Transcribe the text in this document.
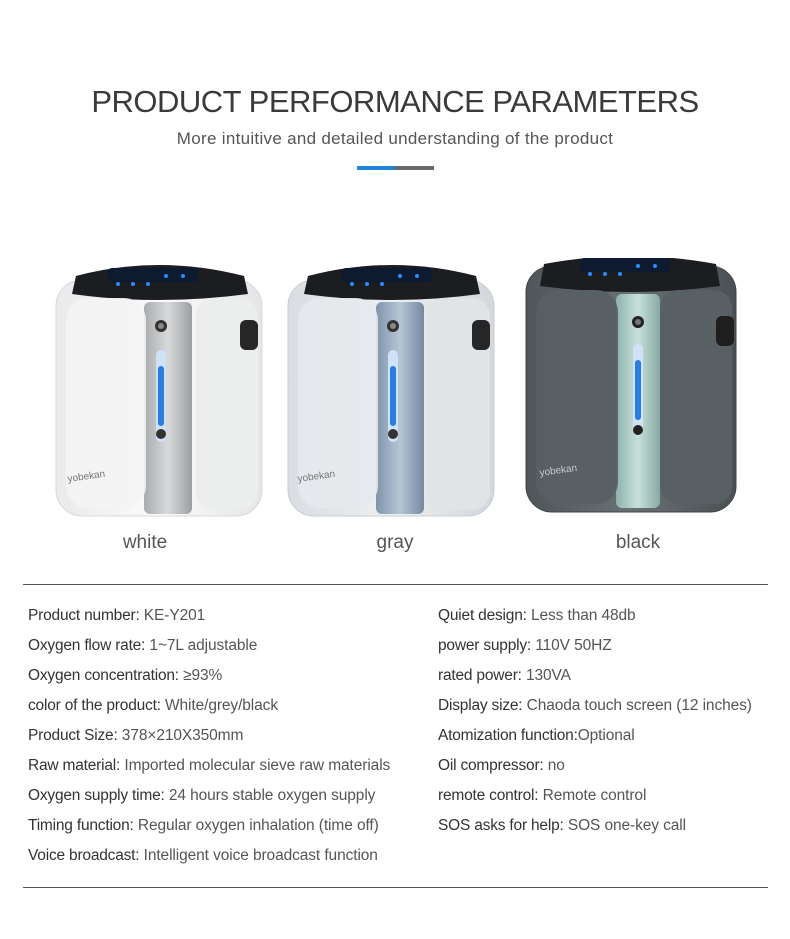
PRODUCT PERFORMANCE PARAMETERS

More intuitive and detailed understanding of the product

yobekan	yobekan	yobekan
white	gray	black
Product number: KE-Y201
Oxygen flow rate: 1~7L adjustable
Oxygen concentration: ≥93%
color of the product: White/grey/black
Product Size: 378×210X350mm
Raw material: Imported molecular sieve raw materials
Oxygen supply time: 24 hours stable oxygen supply
Timing function: Regular oxygen inhalation (time off)
Voice broadcast: Intelligent voice broadcast function
Quiet design: Less than 48db
power supply: 110V 50HZ
rated power: 130VA
Display size: Chaoda touch screen (12 inches)
Atomization function:Optional
Oil compressor: no
remote control: Remote control
SOS asks for help: SOS one-key call
